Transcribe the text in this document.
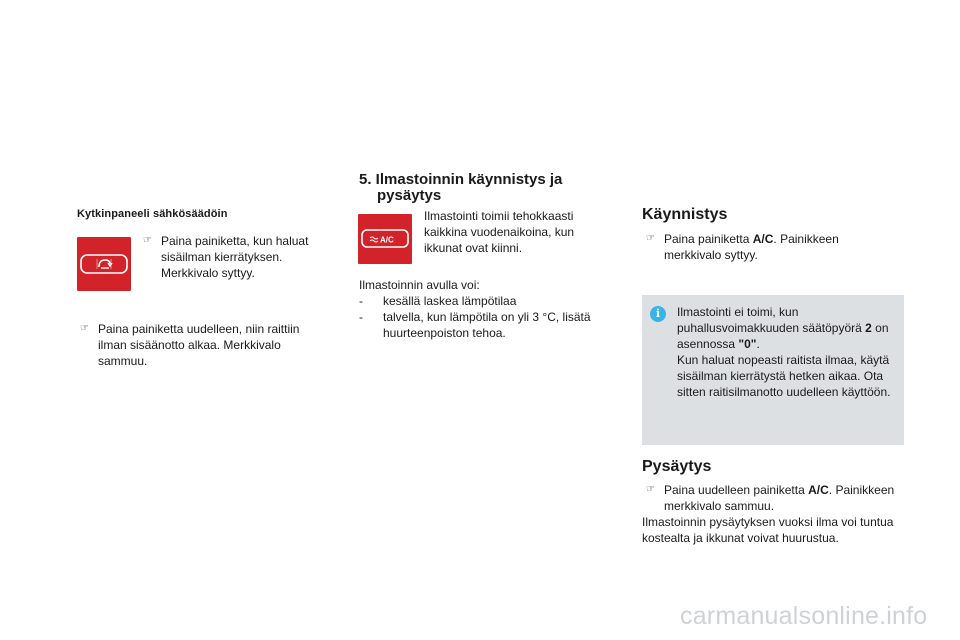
Kytkinpaneeli sähkösäädöin
☞ Paina painiketta, kun haluat sisäilman kierrätyksen. Merkkivalo syttyy.
☞ Paina painiketta uudelleen, niin raittiin ilman sisäänotto alkaa. Merkkivalo sammuu.
5. Ilmastoinnin käynnistys ja
pysäytys
A/C
Ilmastointi toimii tehokkaasti kaikkina vuodenaikoina, kun ikkunat ovat kiinni.
Ilmastoinnin avulla voi:
-	kesällä laskea lämpötilaa
-	talvella, kun lämpötila on yli 3 °C, lisätä huurteenpoiston tehoa.
Käynnistys
☞ Paina painiketta A/C. Painikkeen merkkivalo syttyy.
i	Ilmastointi ei toimi, kun puhallusvoimakkuuden säätöpyörä 2 on asennossa "0".
Kun haluat nopeasti raitista ilmaa, käytä sisäilman kierrätystä hetken aikaa. Ota sitten raitisilmanotto uudelleen käyttöön.
Pysäytys
☞ Paina uudelleen painiketta A/C. Painikkeen merkkivalo sammuu.
Ilmastoinnin pysäytyksen vuoksi ilma voi tuntua kostealta ja ikkunat voivat huurustua.
carmanualsonline.info
